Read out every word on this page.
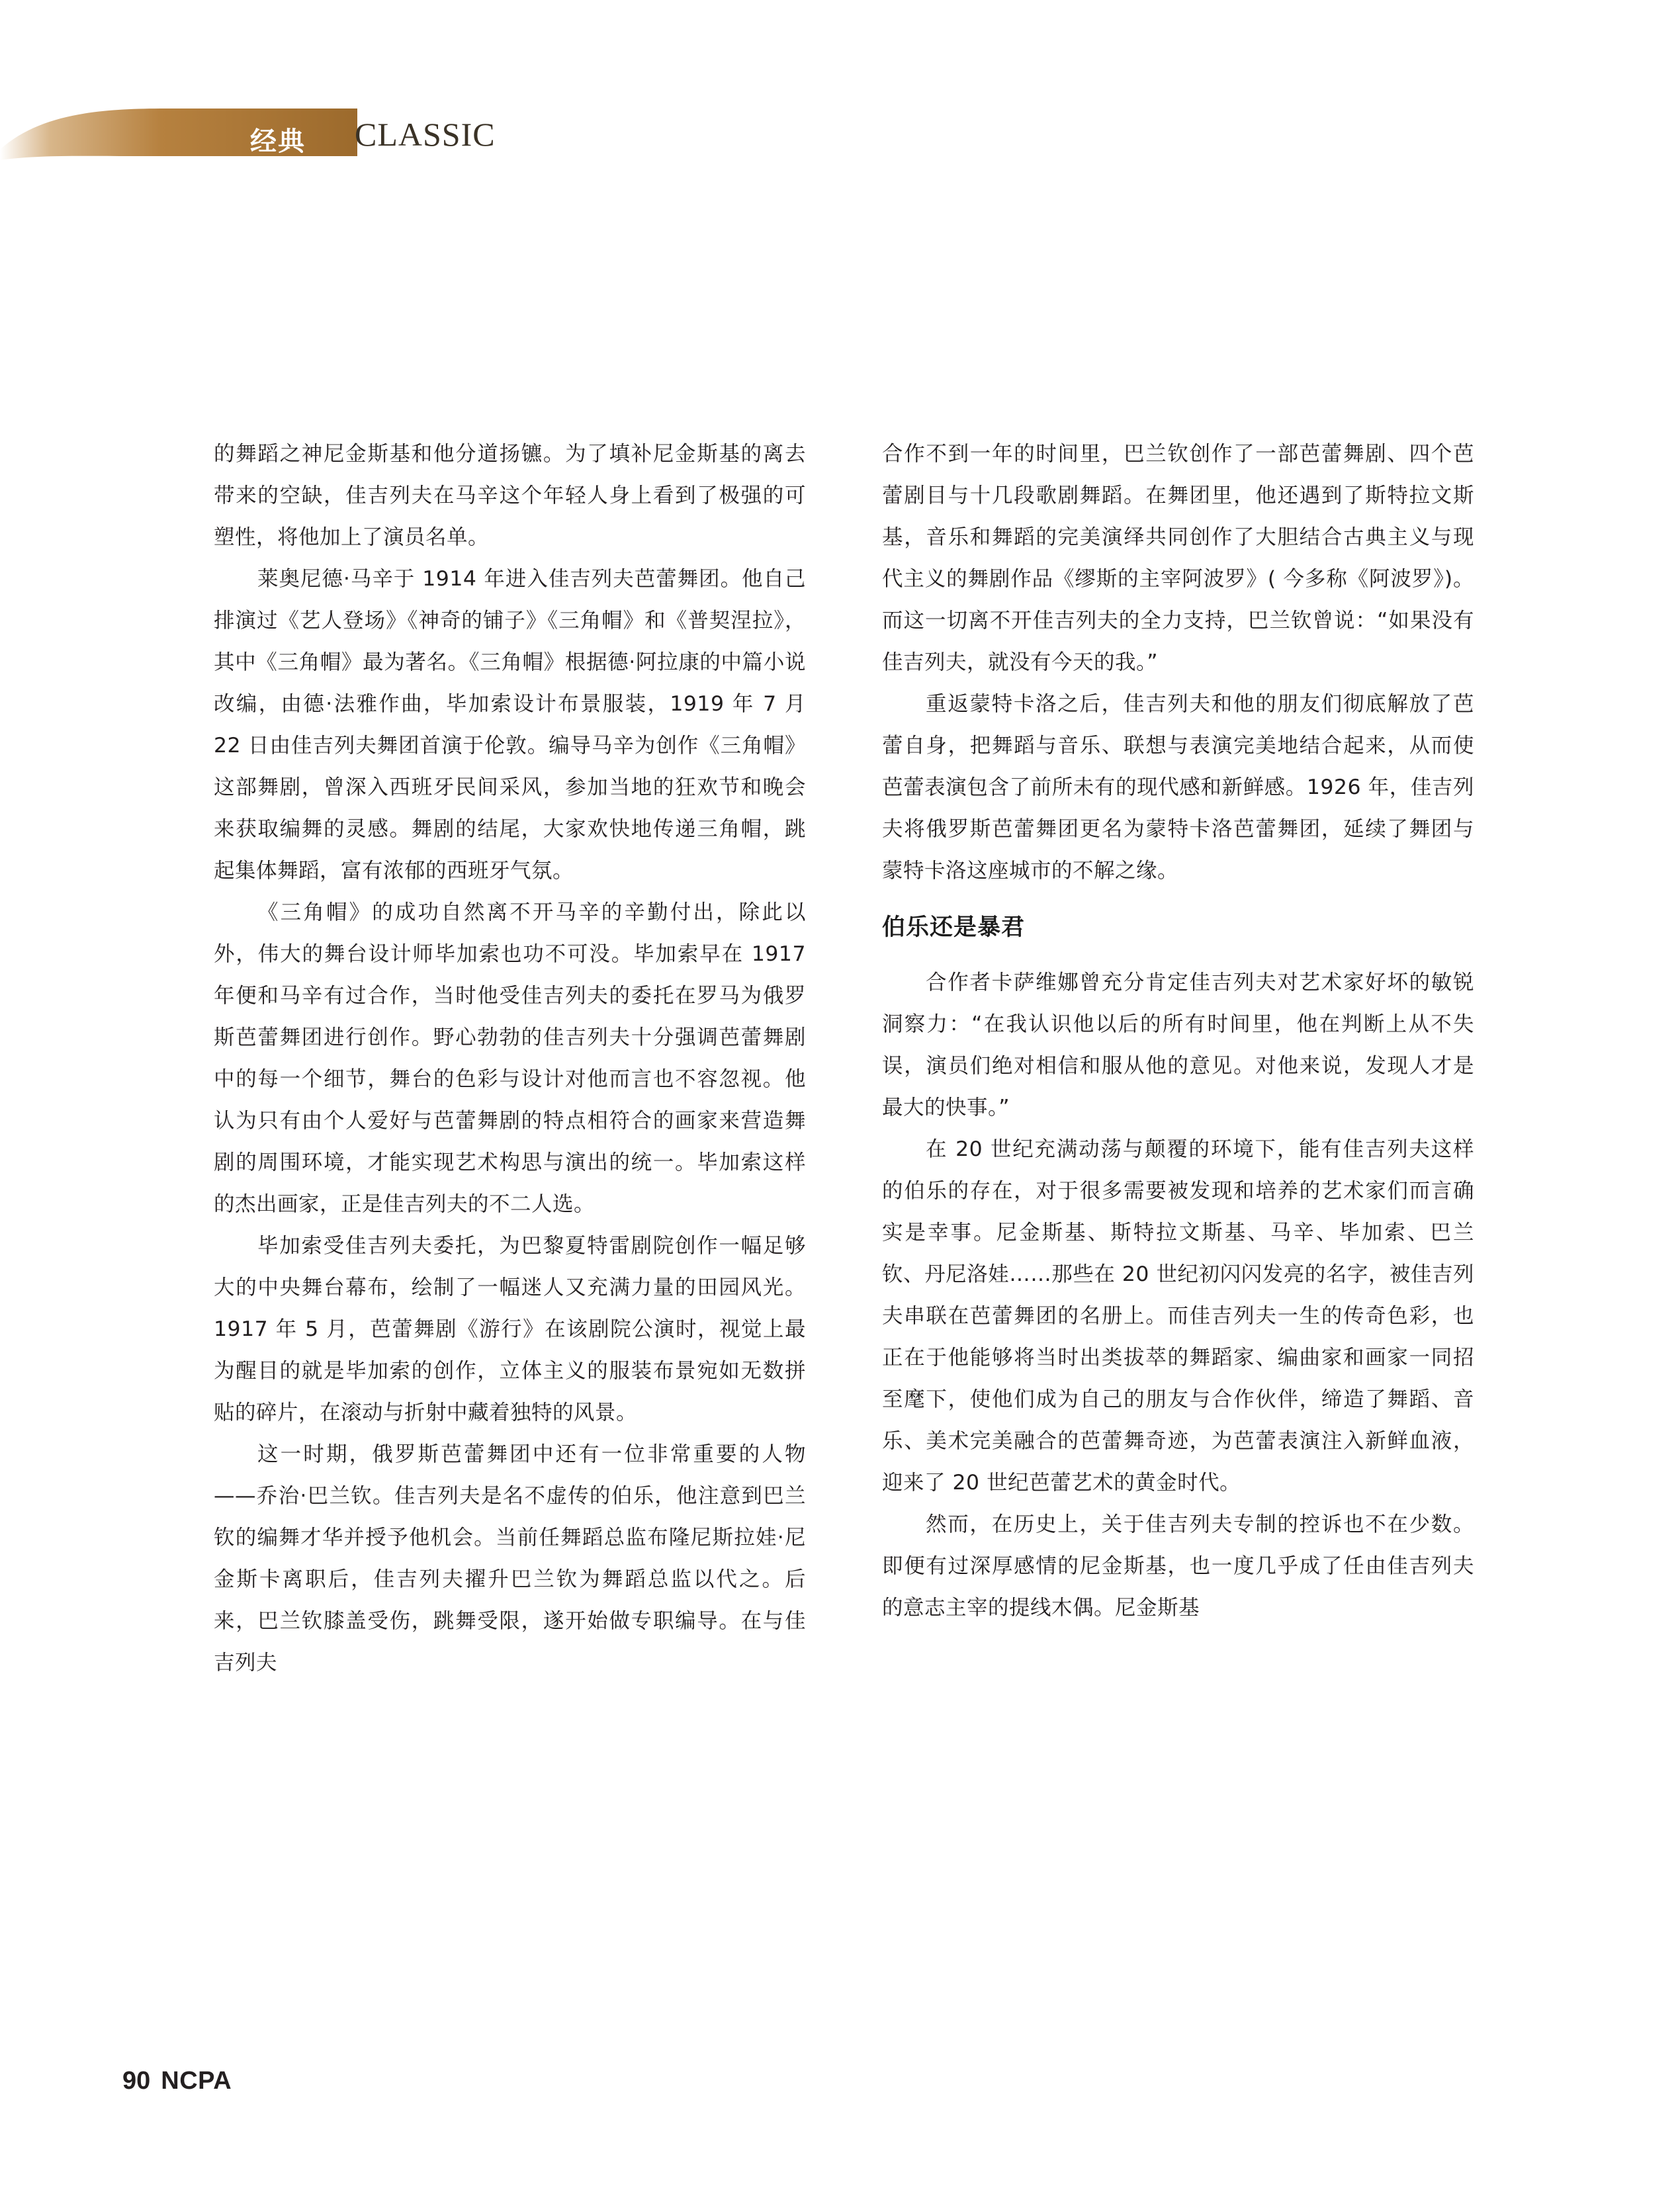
经典 CLASSIC

的舞蹈之神尼金斯基和他分道扬镳。为了填补尼金斯基的离去带来的空缺，佳吉列夫在马辛这个年轻人身上看到了极强的可塑性，将他加上了演员名单。

莱奥尼德·马辛于 1914 年进入佳吉列夫芭蕾舞团。他自己排演过《艺人登场》《神奇的铺子》《三角帽》和《普契涅拉》，其中《三角帽》最为著名。《三角帽》根据德·阿拉康的中篇小说改编，由德·法雅作曲，毕加索设计布景服装，1919 年 7 月 22 日由佳吉列夫舞团首演于伦敦。编导马辛为创作《三角帽》这部舞剧，曾深入西班牙民间采风，参加当地的狂欢节和晚会来获取编舞的灵感。舞剧的结尾，大家欢快地传递三角帽，跳起集体舞蹈，富有浓郁的西班牙气氛。

《三角帽》的成功自然离不开马辛的辛勤付出，除此以外，伟大的舞台设计师毕加索也功不可没。毕加索早在 1917 年便和马辛有过合作，当时他受佳吉列夫的委托在罗马为俄罗斯芭蕾舞团进行创作。野心勃勃的佳吉列夫十分强调芭蕾舞剧中的每一个细节，舞台的色彩与设计对他而言也不容忽视。他认为只有由个人爱好与芭蕾舞剧的特点相符合的画家来营造舞剧的周围环境，才能实现艺术构思与演出的统一。毕加索这样的杰出画家，正是佳吉列夫的不二人选。

毕加索受佳吉列夫委托，为巴黎夏特雷剧院创作一幅足够大的中央舞台幕布，绘制了一幅迷人又充满力量的田园风光。1917 年 5 月，芭蕾舞剧《游行》在该剧院公演时，视觉上最为醒目的就是毕加索的创作，立体主义的服装布景宛如无数拼贴的碎片，在滚动与折射中藏着独特的风景。

这一时期，俄罗斯芭蕾舞团中还有一位非常重要的人物——乔治·巴兰钦。佳吉列夫是名不虚传的伯乐，他注意到巴兰钦的编舞才华并授予他机会。当前任舞蹈总监布隆尼斯拉娃·尼金斯卡离职后，佳吉列夫擢升巴兰钦为舞蹈总监以代之。后来，巴兰钦膝盖受伤，跳舞受限，遂开始做专职编导。在与佳吉列夫

合作不到一年的时间里，巴兰钦创作了一部芭蕾舞剧、四个芭蕾剧目与十几段歌剧舞蹈。在舞团里，他还遇到了斯特拉文斯基，音乐和舞蹈的完美演绎共同创作了大胆结合古典主义与现代主义的舞剧作品《缪斯的主宰阿波罗》( 今多称《阿波罗》)。而这一切离不开佳吉列夫的全力支持，巴兰钦曾说：“如果没有佳吉列夫，就没有今天的我。”

重返蒙特卡洛之后，佳吉列夫和他的朋友们彻底解放了芭蕾自身，把舞蹈与音乐、联想与表演完美地结合起来，从而使芭蕾表演包含了前所未有的现代感和新鲜感。1926 年，佳吉列夫将俄罗斯芭蕾舞团更名为蒙特卡洛芭蕾舞团，延续了舞团与蒙特卡洛这座城市的不解之缘。

伯乐还是暴君

合作者卡萨维娜曾充分肯定佳吉列夫对艺术家好坏的敏锐洞察力：“在我认识他以后的所有时间里，他在判断上从不失误，演员们绝对相信和服从他的意见。对他来说，发现人才是最大的快事。”

在 20 世纪充满动荡与颠覆的环境下，能有佳吉列夫这样的伯乐的存在，对于很多需要被发现和培养的艺术家们而言确实是幸事。尼金斯基、斯特拉文斯基、马辛、毕加索、巴兰钦、丹尼洛娃……那些在 20 世纪初闪闪发亮的名字，被佳吉列夫串联在芭蕾舞团的名册上。而佳吉列夫一生的传奇色彩，也正在于他能够将当时出类拔萃的舞蹈家、编曲家和画家一同招至麾下，使他们成为自己的朋友与合作伙伴，缔造了舞蹈、音乐、美术完美融合的芭蕾舞奇迹，为芭蕾表演注入新鲜血液，迎来了 20 世纪芭蕾艺术的黄金时代。

然而，在历史上，关于佳吉列夫专制的控诉也不在少数。即便有过深厚感情的尼金斯基，也一度几乎成了任由佳吉列夫的意志主宰的提线木偶。尼金斯基

90 NCPA
